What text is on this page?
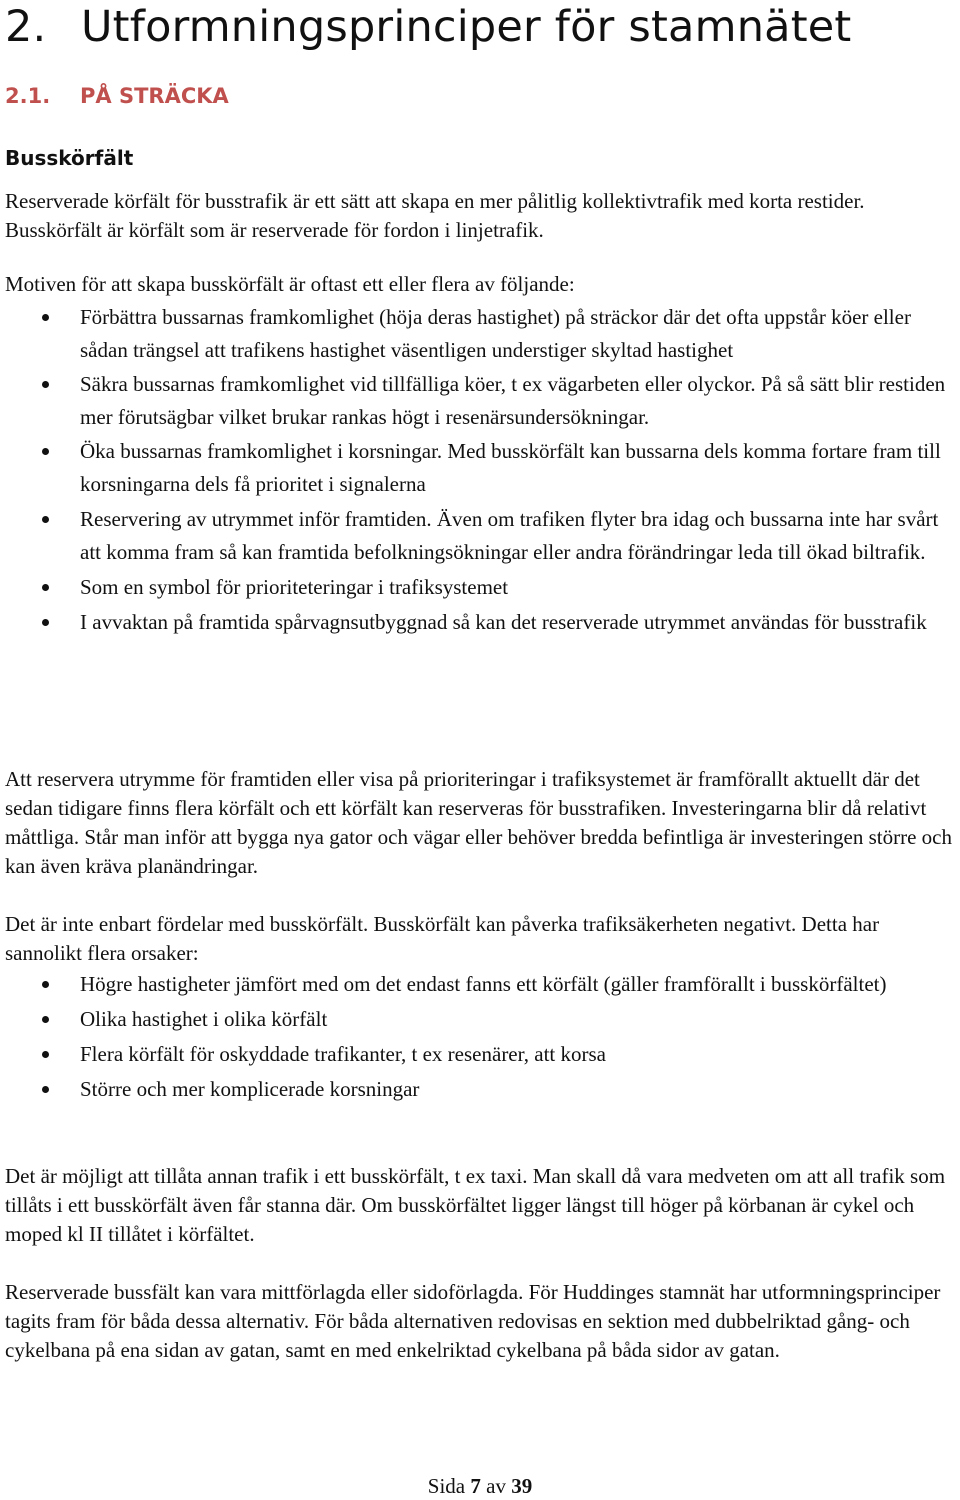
2. Utformningsprinciper för stamnätet
2.1. PÅ STRÄCKA
Busskörfält

Reserverade körfält för busstrafik är ett sätt att skapa en mer pålitlig kollektivtrafik med korta restider. Busskörfält är körfält som är reserverade för fordon i linjetrafik.

Motiven för att skapa busskörfält är oftast ett eller flera av följande:

Förbättra bussarnas framkomlighet (höja deras hastighet) på sträckor där det ofta uppstår köer eller sådan trängsel att trafikens hastighet väsentligen understiger skyltad hastighet
Säkra bussarnas framkomlighet vid tillfälliga köer, t ex vägarbeten eller olyckor. På så sätt blir restiden mer förutsägbar vilket brukar rankas högt i resenärsundersökningar.
Öka bussarnas framkomlighet i korsningar. Med busskörfält kan bussarna dels komma fortare fram till korsningarna dels få prioritet i signalerna
Reservering av utrymmet inför framtiden. Även om trafiken flyter bra idag och bussarna inte har svårt att komma fram så kan framtida befolkningsökningar eller andra förändringar leda till ökad biltrafik.
Som en symbol för prioriteteringar i trafiksystemet
I avvaktan på framtida spårvagnsutbyggnad så kan det reserverade utrymmet användas för busstrafik

Att reservera utrymme för framtiden eller visa på prioriteringar i trafiksystemet är framförallt aktuellt där det sedan tidigare finns flera körfält och ett körfält kan reserveras för busstrafiken. Investeringarna blir då relativt måttliga. Står man inför att bygga nya gator och vägar eller behöver bredda befintliga är investeringen större och kan även kräva planändringar.

Det är inte enbart fördelar med busskörfält. Busskörfält kan påverka trafiksäkerheten negativt. Detta har sannolikt flera orsaker:

Högre hastigheter jämfört med om det endast fanns ett körfält (gäller framförallt i busskörfältet)
Olika hastighet i olika körfält
Flera körfält för oskyddade trafikanter, t ex resenärer, att korsa
Större och mer komplicerade korsningar

Det är möjligt att tillåta annan trafik i ett busskörfält, t ex taxi. Man skall då vara medveten om att all trafik som tillåts i ett busskörfält även får stanna där. Om busskörfältet ligger längst till höger på körbanan är cykel och moped kl II tillåtet i körfältet.

Reserverade bussfält kan vara mittförlagda eller sidoförlagda. För Huddinges stamnät har utformningsprinciper tagits fram för båda dessa alternativ. För båda alternativen redovisas en sektion med dubbelriktad gång- och cykelbana på ena sidan av gatan, samt en med enkelriktad cykelbana på båda sidor av gatan.

Sida 7 av 39
